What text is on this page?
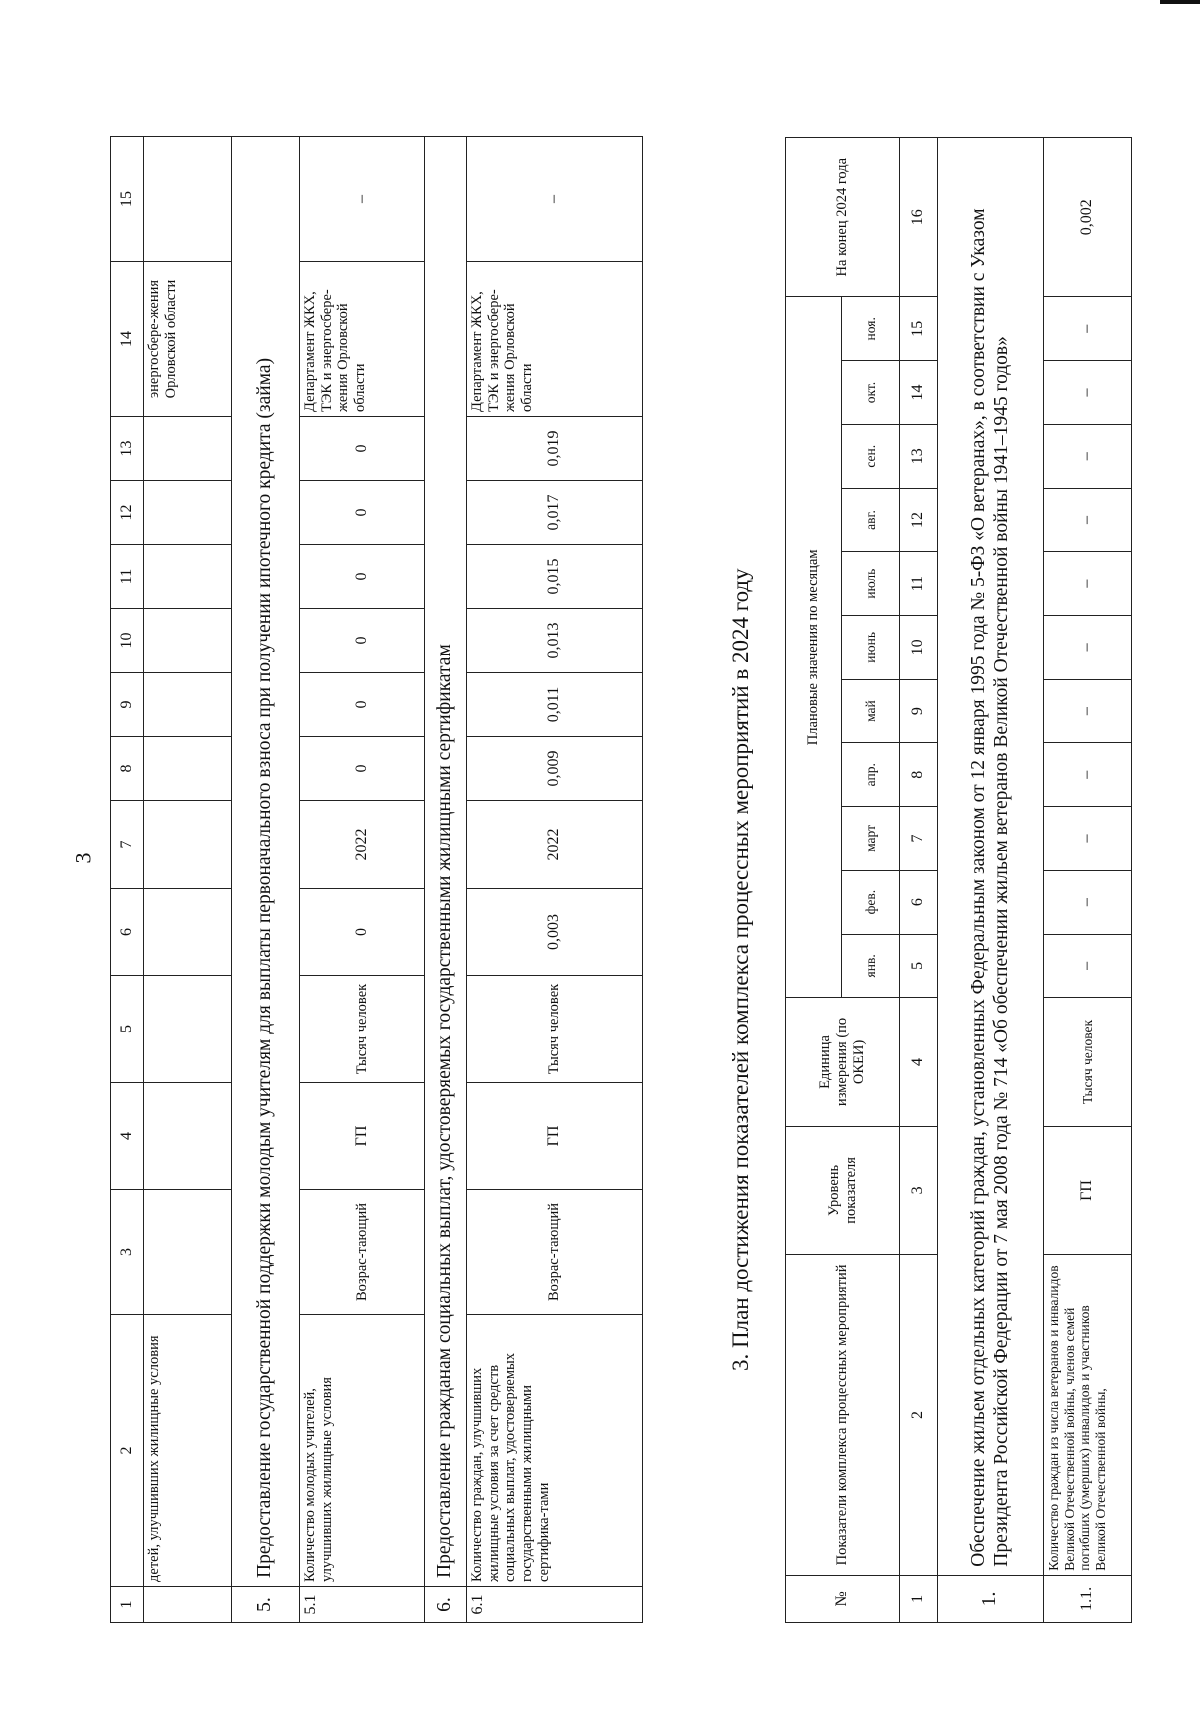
3
1	2	3	4	5	6	7	8	9	10	11	12	13	14	15
	детей, улучшивших жилищные условия												энергосбере-жения Орловской области	
5.	Предоставление государственной поддержки молодым учителям для выплаты первоначального взноса при получении ипотечного кредита (займа)													
5.1	Количество молодых учителей, улучшивших жилищные условия	Возрас-тающий	ГП	Тысяч человек	0	2022	0	0	0	0	0	0	Департамент ЖКХ, ТЭК и энергосбере-жения Орловской области	–
6.	Предоставление гражданам социальных выплат, удостоверяемых государственными жилищными сертификатам													
6.1	Количество граждан, улучшивших жилищные условия за счет средств социальных выплат, удостоверяемых государственными жилищными сертифика-тами	Возрас-тающий	ГП	Тысяч человек	0,003	2022	0,009	0,011	0,013	0,015	0,017	0,019	Департамент ЖКХ, ТЭК и энергосбере-жения Орловской области	–
3. План достижения показателей комплекса процессных мероприятий в 2024 году
№	Показатели комплекса процессных мероприятий	Уровень показателя	Единица измерения (по ОКЕИ)	Плановые значения по месяцам											На конец 2024 года
				янв.	фев.	март	апр.	май	июнь	июль	авг.	сен.	окт.	ноя.	
1	2	3	4	5	6	7	8	9	10	11	12	13	14	15	16
1.	Обеспечение жильем отдельных категорий граждан, установленных Федеральным законом от 12 января 1995 года № 5-ФЗ «О ветеранах», в соответствии с Указом Президента Российской Федерации от 7 мая 2008 года № 714 «Об обеспечении жильем ветеранов Великой Отечественной войны 1941–1945 годов»														
1.1.	Количество граждан из числа ветеранов и инвалидов Великой Отечественной войны, членов семей погибших (умерших) инвалидов и участников Великой Отечественной войны,	ГП	Тысяч человек	–	–	–	–	–	–	–	–	–	–	–	0,002
